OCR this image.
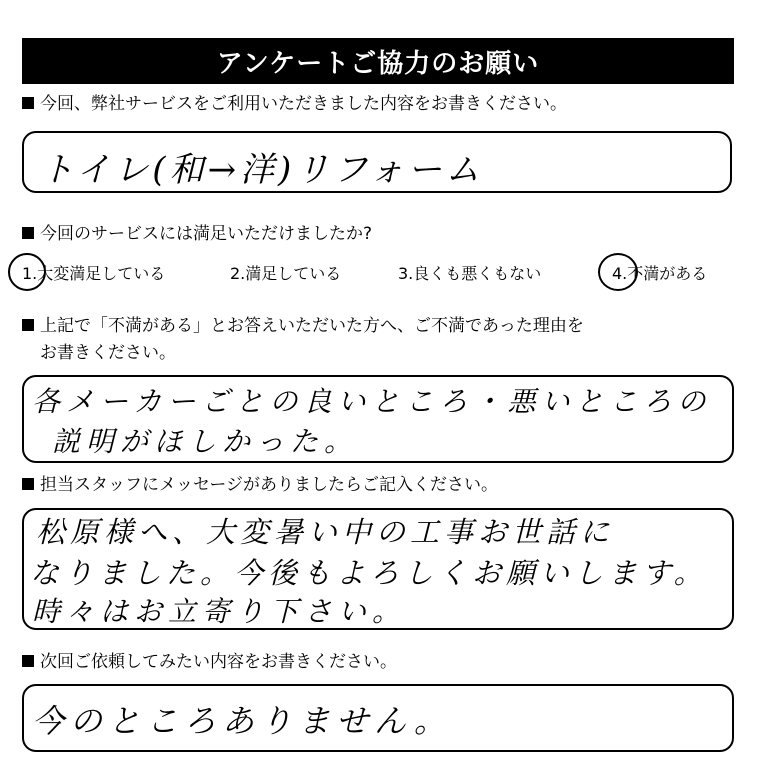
アンケートご協力のお願い
今回、弊社サービスをご利用いただきました内容をお書きください。
トイレ(和→洋)リフォーム
今回のサービスには満足いただけましたか?
1.大変満足している	2.満足している	3.良くも悪くもない	4.不満がある
上記で「不満がある」とお答えいただいた方へ、ご不満であった理由を
お書きください。
各メーカーごとの良いところ・悪いところの
説明がほしかった。
担当スタッフにメッセージがありましたらご記入ください。
松原様へ、大変暑い中の工事お世話に
なりました。今後もよろしくお願いします。
時々はお立寄り下さい。
次回ご依頼してみたい内容をお書きください。
今のところありません。
